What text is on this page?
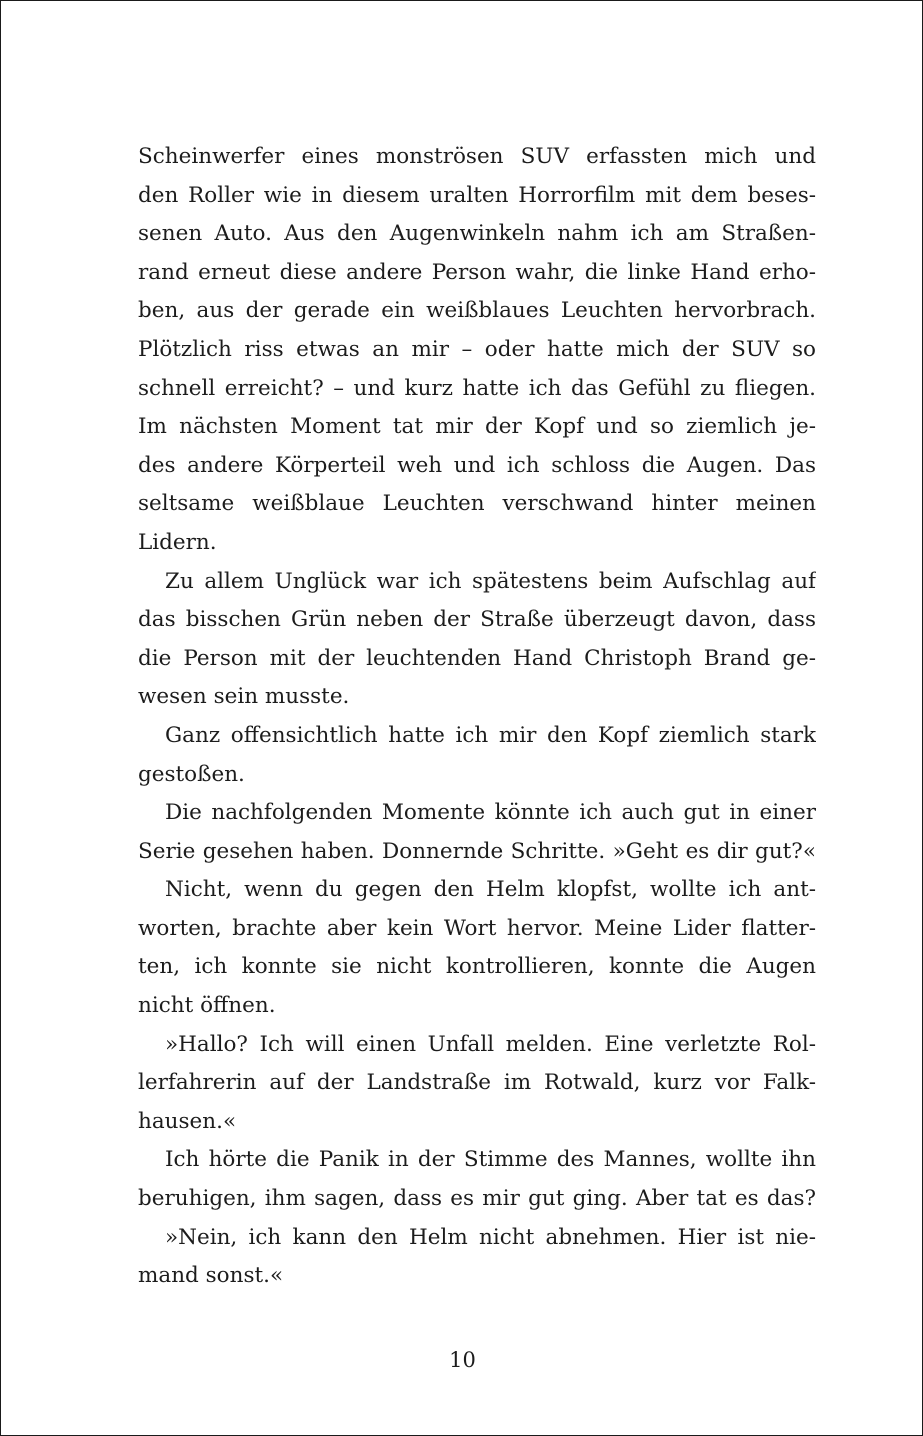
Scheinwerfer eines monströsen SUV erfassten mich und
den Roller wie in diesem uralten Horrorfilm mit dem beses-
senen Auto. Aus den Augenwinkeln nahm ich am Straßen-
rand erneut diese andere Person wahr, die linke Hand erho-
ben, aus der gerade ein weißblaues Leuchten hervorbrach.
Plötzlich riss etwas an mir – oder hatte mich der SUV so
schnell erreicht? – und kurz hatte ich das Gefühl zu fliegen.
Im nächsten Moment tat mir der Kopf und so ziemlich je-
des andere Körperteil weh und ich schloss die Augen. Das
seltsame weißblaue Leuchten verschwand hinter meinen
Lidern.
Zu allem Unglück war ich spätestens beim Aufschlag auf
das bisschen Grün neben der Straße überzeugt davon, dass
die Person mit der leuchtenden Hand Christoph Brand ge-
wesen sein musste.
Ganz offensichtlich hatte ich mir den Kopf ziemlich stark
gestoßen.
Die nachfolgenden Momente könnte ich auch gut in einer
Serie gesehen haben. Donnernde Schritte. »Geht es dir gut?«
Nicht, wenn du gegen den Helm klopfst, wollte ich ant-
worten, brachte aber kein Wort hervor. Meine Lider flatter-
ten, ich konnte sie nicht kontrollieren, konnte die Augen
nicht öffnen.
»Hallo? Ich will einen Unfall melden. Eine verletzte Rol-
lerfahrerin auf der Landstraße im Rotwald, kurz vor Falk-
hausen.«
Ich hörte die Panik in der Stimme des Mannes, wollte ihn
beruhigen, ihm sagen, dass es mir gut ging. Aber tat es das?
»Nein, ich kann den Helm nicht abnehmen. Hier ist nie-
mand sonst.«
10
